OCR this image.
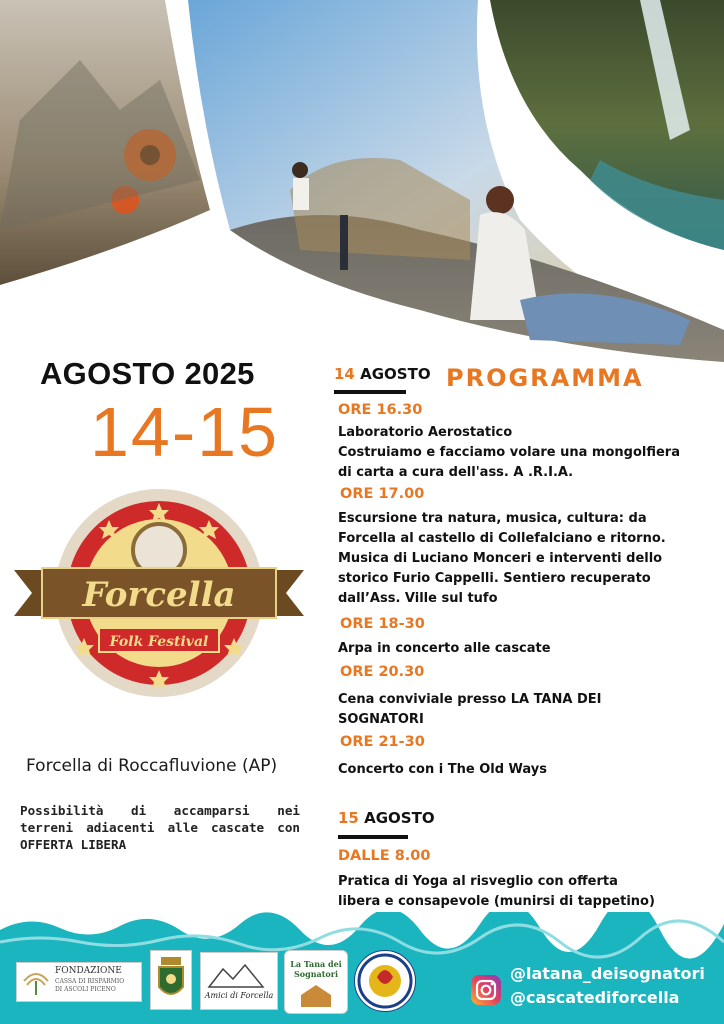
AGOSTO 2025
14-15
Forcella
Folk Festival
Forcella di Roccafluvione (AP)
Possibilità di accamparsi nei terreni adiacenti alle cascate con OFFERTA LIBERA
14 AGOSTO PROGRAMMA
ORE 16.30
Laboratorio Aerostatico
Costruiamo e facciamo volare una mongolfiera
di carta a cura dell'ass. A .R.I.A.
ORE 17.00
Escursione tra natura, musica, cultura: da
Forcella al castello di Collefalciano e ritorno.
Musica di Luciano Monceri e interventi dello
storico Furio Cappelli. Sentiero recuperato
dall’Ass. Ville sul tufo
ORE 18-30
Arpa in concerto alle cascate
ORE 20.30
Cena conviviale presso LA TANA DEI
SOGNATORI
ORE 21-30
Concerto con i The Old Ways
15 AGOSTO
DALLE 8.00
Pratica di Yoga al risveglio con offerta
libera e consapevole (munirsi di tappetino)
FONDAZIONE
CASSA DI RISPARMIO
DI ASCOLI PICENO
Amici di Forcella
La Tana dei
Sognatori	@latana_deisognatori
@cascatediforcella
